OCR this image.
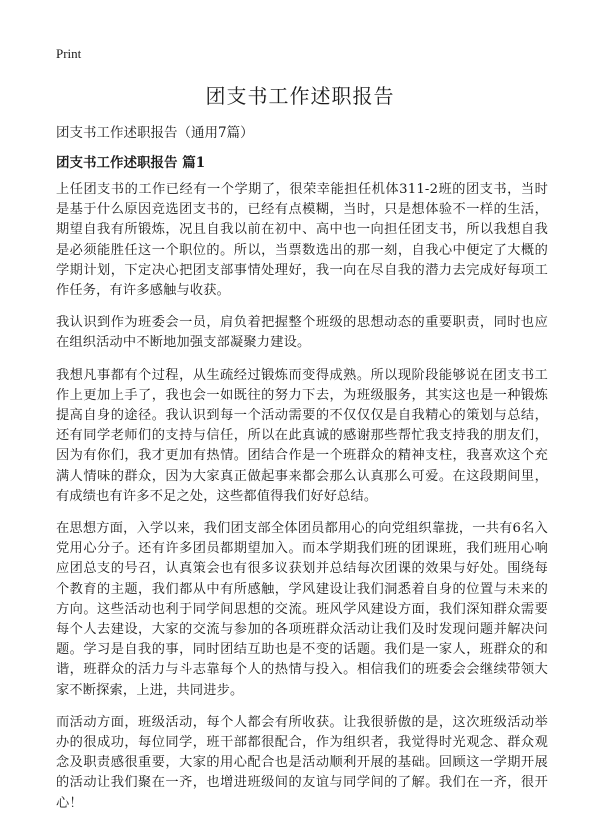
Print
团支书工作述职报告

团支书工作述职报告（通用7篇）

团支书工作述职报告 篇1

上任团支书的工作已经有一个学期了，很荣幸能担任机体311-2班的团支书，当时是基于什么原因竞选团支书的，已经有点模糊，当时，只是想体验不一样的生活，期望自我有所锻炼，况且自我以前在初中、高中也一向担任团支书，所以我想自我是必须能胜任这一个职位的。所以，当票数选出的那一刻，自我心中便定了大概的学期计划，下定决心把团支部事情处理好，我一向在尽自我的潜力去完成好每项工作任务，有许多感触与收获。

我认识到作为班委会一员，肩负着把握整个班级的思想动态的重要职责，同时也应在组织活动中不断地加强支部凝聚力建设。

我想凡事都有个过程，从生疏经过锻炼而变得成熟。所以现阶段能够说在团支书工作上更加上手了，我也会一如既往的努力下去，为班级服务，其实这也是一种锻炼提高自身的途径。我认识到每一个活动需要的不仅仅仅是自我精心的策划与总结，还有同学老师们的支持与信任，所以在此真诚的感谢那些帮忙我支持我的朋友们，因为有你们，我才更加有热情。团结合作是一个班群众的精神支柱，我喜欢这个充满人情味的群众，因为大家真正做起事来都会那么认真那么可爱。在这段期间里，有成绩也有许多不足之处，这些都值得我们好好总结。

在思想方面，入学以来，我们团支部全体团员都用心的向党组织靠拢，一共有6名入党用心分子。还有许多团员都期望加入。而本学期我们班的团课班，我们班用心响应团总支的号召，认真策会也有很多议获划并总结每次团课的效果与好处。围绕每个教育的主题，我们都从中有所感触，学风建设让我们洞悉着自身的位置与未来的方向。这些活动也利于同学间思想的交流。班风学风建设方面，我们深知群众需要每个人去建设，大家的交流与参加的各项班群众活动让我们及时发现问题并解决问题。学习是自我的事，同时团结互助也是不变的话题。我们是一家人，班群众的和谐，班群众的活力与斗志靠每个人的热情与投入。相信我们的班委会会继续带领大家不断探索，上进，共同进步。

而活动方面，班级活动，每个人都会有所收获。让我很骄傲的是，这次班级活动举办的很成功，每位同学，班干部都很配合，作为组织者，我觉得时光观念、群众观念及职责感很重要，大家的用心配合也是活动顺利开展的基础。回顾这一学期开展的活动让我们聚在一齐，也增进班级间的友谊与同学间的了解。我们在一齐，很开心！
